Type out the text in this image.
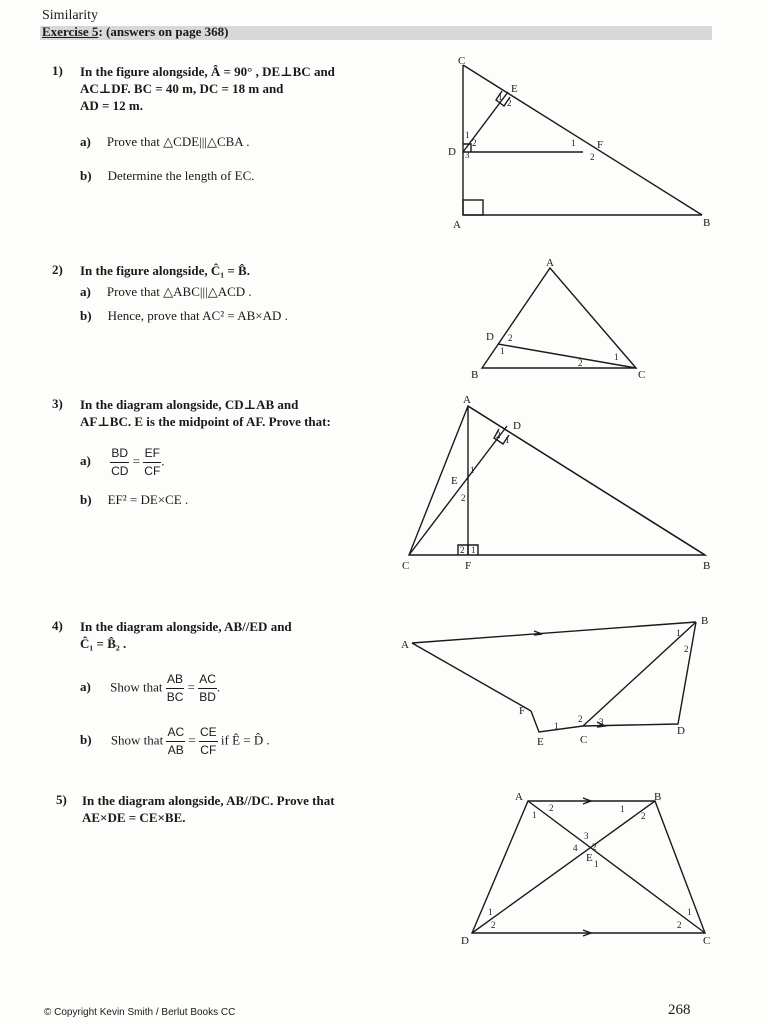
Similarity
Exercise 5: (answers on page 368)
1) In the figure alongside, Â = 90° , DE⊥BC and
AC⊥DF. BC = 40 m, DC = 18 m and
AD = 12 m.
a) Prove that △CDE|||△CBA .
b) Determine the length of EC.
C
E
D
F
A	B
1
2
1
2
3
1
2
2) In the figure alongside, Ĉ₁ = B̂.
a) Prove that △ABC|||△ACD .
b) Hence, prove that AC² = AB×AD .
A
D
B	C
2
1
2
1
3) In the diagram alongside, CD⊥AB and
AF⊥BC. E is the midpoint of AF. Prove that:
$a) \frac{BD}{CD} = \frac{EF}{CF}$ .
b) EF² = DE×CE .
A
D
E
C	F	B
2 1
1
2
2 1
4) In the diagram alongside, AB//ED and
Ĉ₁ = B̂₂ .
a) Show that $\frac{AB}{BC} = \frac{AC}{BD}$ .
b) Show that $\frac{AC}{AB} = \frac{CE}{CF}$ if Ê = D̂ .
A
B
F
E	C
D
1
2
1
2 3
5) In the diagram alongside, AB//DC. Prove that
AE×DE = CE×BE.
A	B
D	C
E
1
2	1
2
3
4 2
1
1
2
1
2
© Copyright Kevin Smith / Berlut Books CC	268
